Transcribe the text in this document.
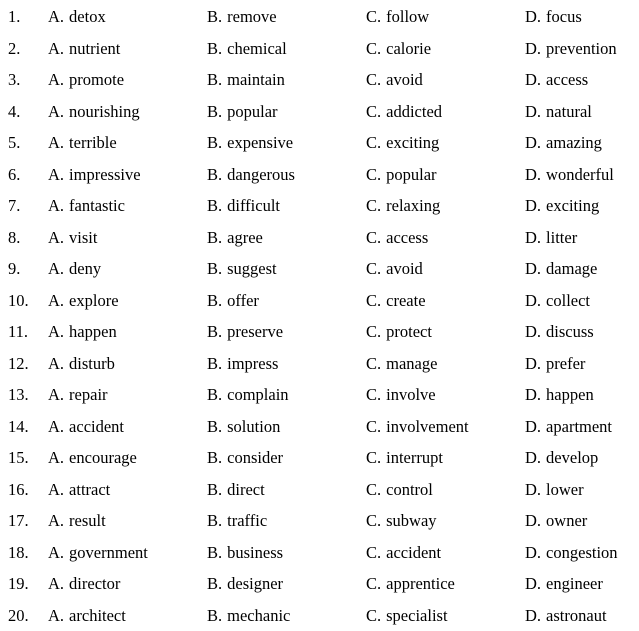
1. A. detox	B. remove	C. follow	D. focus
2. A. nutrient	B. chemical	C. calorie	D. prevention
3. A. promote	B. maintain	C. avoid	D. access
4. A. nourishing	B. popular	C. addicted	D. natural
5. A. terrible	B. expensive	C. exciting	D. amazing
6. A. impressive	B. dangerous	C. popular	D. wonderful
7. A. fantastic	B. difficult	C. relaxing	D. exciting
8. A. visit	B. agree	C. access	D. litter
9. A. deny	B. suggest	C. avoid	D. damage
10. A. explore	B. offer	C. create	D. collect
11. A. happen	B. preserve	C. protect	D. discuss
12. A. disturb	B. impress	C. manage	D. prefer
13. A. repair	B. complain	C. involve	D. happen
14. A. accident	B. solution	C. involvement	D. apartment
15. A. encourage	B. consider	C. interrupt	D. develop
16. A. attract	B. direct	C. control	D. lower
17. A. result	B. traffic	C. subway	D. owner
18. A. government	B. business	C. accident	D. congestion
19. A. director	B. designer	C. apprentice	D. engineer
20. A. architect	B. mechanic	C. specialist	D. astronaut
